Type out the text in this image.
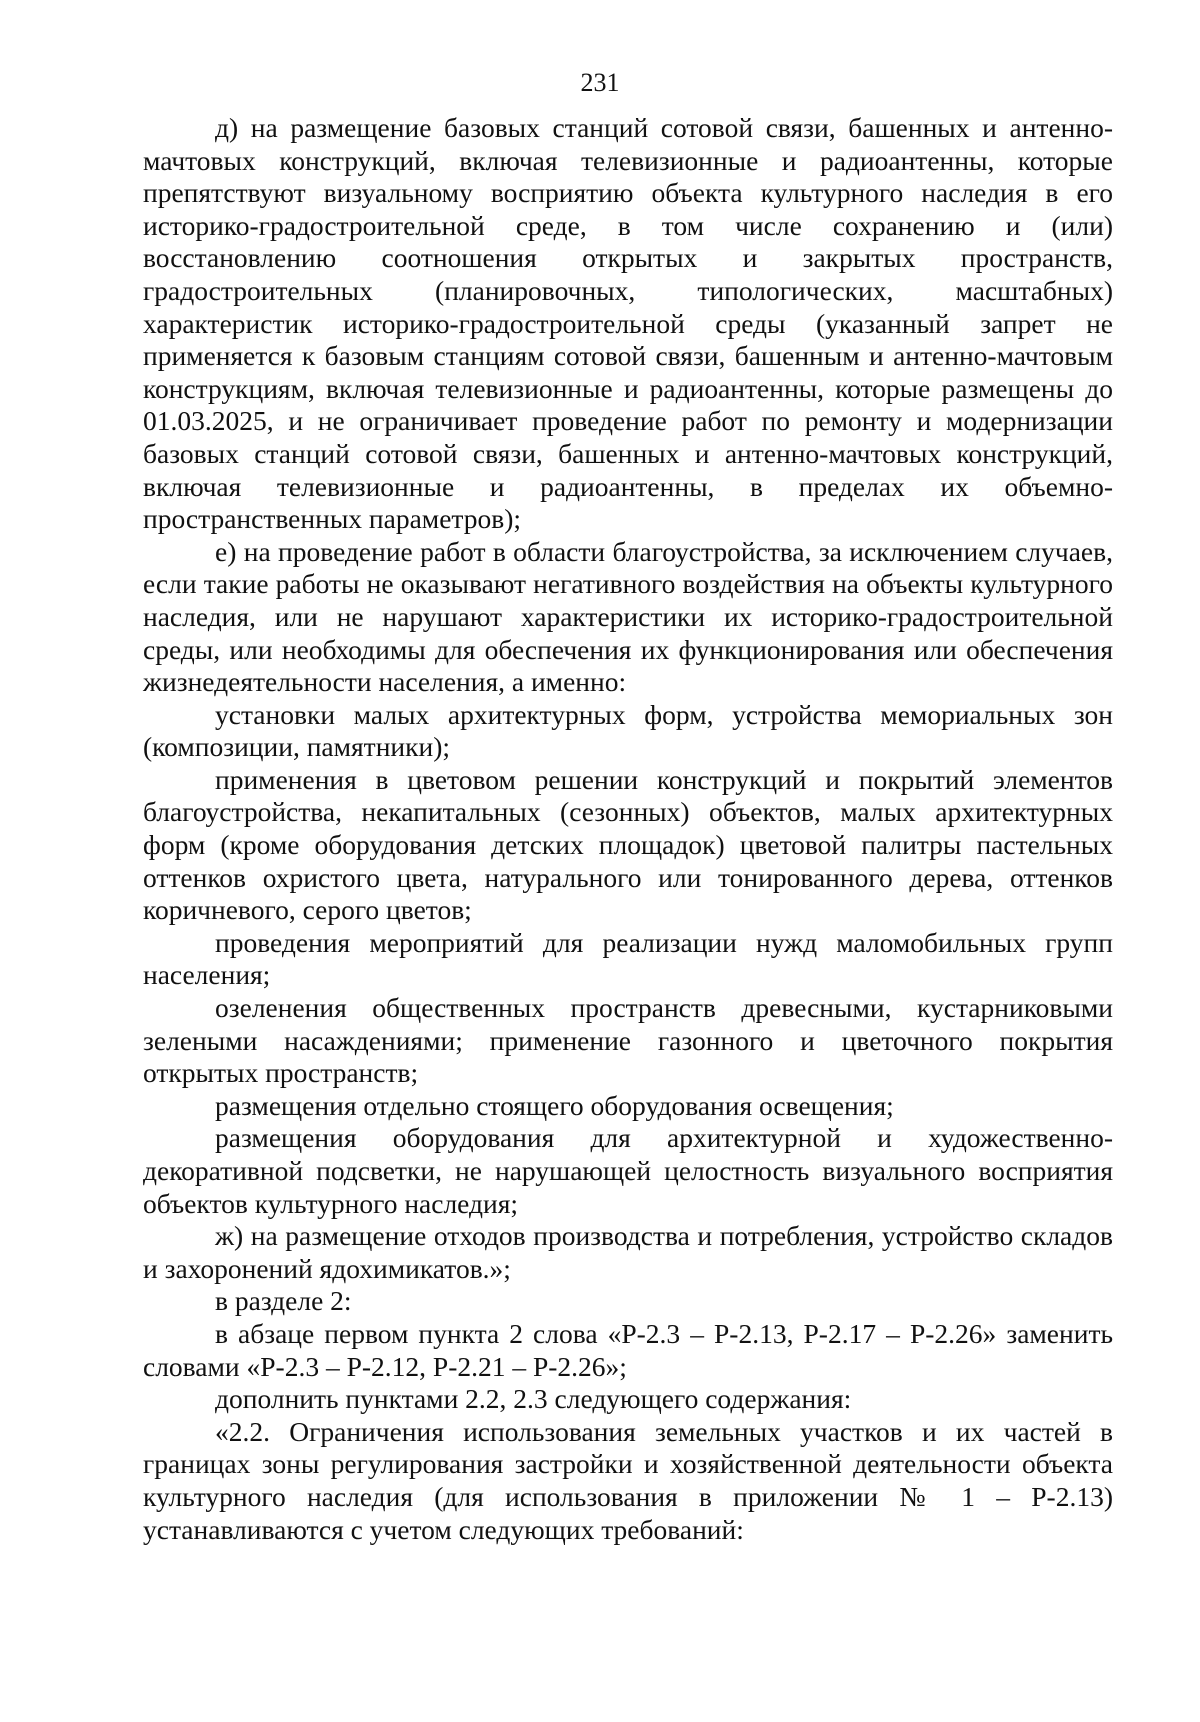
231

д) на размещение базовых станций сотовой связи, башенных и антенно-мачтовых конструкций, включая телевизионные и радиоантенны, которые препятствуют визуальному восприятию объекта культурного наследия в его историко-градостроительной среде, в том числе сохранению и (или) восстановлению соотношения открытых и закрытых пространств, градостроительных (планировочных, типологических, масштабных) характеристик историко-градостроительной среды (указанный запрет не применяется к базовым станциям сотовой связи, башенным и антенно-мачтовым конструкциям, включая телевизионные и радиоантенны, которые размещены до 01.03.2025, и не ограничивает проведение работ по ремонту и модернизации базовых станций сотовой связи, башенных и антенно-мачтовых конструкций, включая телевизионные и радиоантенны, в пределах их объемно-пространственных параметров);

е) на проведение работ в области благоустройства, за исключением случаев, если такие работы не оказывают негативного воздействия на объекты культурного наследия, или не нарушают характеристики их историко-градостроительной среды, или необходимы для обеспечения их функционирования или обеспечения жизнедеятельности населения, а именно:

установки малых архитектурных форм, устройства мемориальных зон (композиции, памятники);

применения в цветовом решении конструкций и покрытий элементов благоустройства, некапитальных (сезонных) объектов, малых архитектурных форм (кроме оборудования детских площадок) цветовой палитры пастельных оттенков охристого цвета, натурального или тонированного дерева, оттенков коричневого, серого цветов;

проведения мероприятий для реализации нужд маломобильных групп населения;

озеленения общественных пространств древесными, кустарниковыми зелеными насаждениями; применение газонного и цветочного покрытия открытых пространств;

размещения отдельно стоящего оборудования освещения;

размещения оборудования для архитектурной и художественно-декоративной подсветки, не нарушающей целостность визуального восприятия объектов культурного наследия;

ж) на размещение отходов производства и потребления, устройство складов и захоронений ядохимикатов.»;

в разделе 2:

в абзаце первом пункта 2 слова «Р-2.3 – Р-2.13, Р-2.17 – Р-2.26» заменить словами «Р-2.3 – Р-2.12, Р-2.21 – Р-2.26»;

дополнить пунктами 2.2, 2.3 следующего содержания:

«2.2. Ограничения использования земельных участков и их частей в границах зоны регулирования застройки и хозяйственной деятельности объекта культурного наследия (для использования в приложении № 1 – Р-2.13) устанавливаются с учетом следующих требований:
